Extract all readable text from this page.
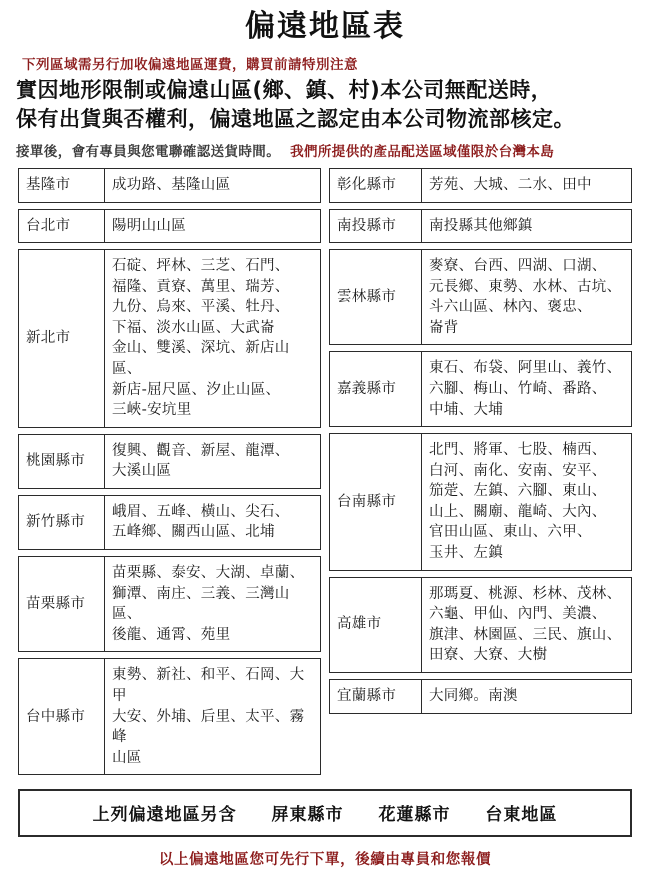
偏遠地區表
下列區域需另行加收偏遠地區運費，購買前請特別注意
實因地形限制或偏遠山區(鄉、鎮、村)本公司無配送時，
保有出貨與否權利，偏遠地區之認定由本公司物流部核定。
接單後，會有專員與您電聯確認送貨時間。 我們所提供的產品配送區域僅限於台灣本島
基隆市	成功路、基隆山區

台北市	陽明山山區

新北市	石碇、坪林、三芝、石門、
福隆、貢寮、萬里、瑞芳、
九份、烏來、平溪、牡丹、
下福、淡水山區、大武崙
金山、雙溪、深坑、新店山區、
新店-屈尺區、汐止山區、
三峽-安坑里

桃園縣市	復興、觀音、新屋、龍潭、
大溪山區

新竹縣市	峨眉、五峰、橫山、尖石、
五峰鄉、關西山區、北埔

苗栗縣市	苗栗縣、泰安、大湖、卓蘭、
獅潭、南庄、三義、三灣山區、
後龍、通霄、苑里

台中縣市	東勢、新社、和平、石岡、大甲
大安、外埔、后里、太平、霧峰
山區
彰化縣市	芳苑、大城、二水、田中

南投縣市	南投縣其他鄉鎮

雲林縣市	麥寮、台西、四湖、口湖、
元長鄉、東勢、水林、古坑、
斗六山區、林內、褒忠、
崙背

嘉義縣市	東石、布袋、阿里山、義竹、
六腳、梅山、竹崎、番路、
中埔、大埔

台南縣市	北門、將軍、七股、楠西、
白河、南化、安南、安平、
笳萣、左鎮、六腳、東山、
山上、關廟、龍崎、大內、
官田山區、東山、六甲、
玉井、左鎮

高雄市	那瑪夏、桃源、杉林、茂林、
六龜、甲仙、內門、美濃、
旗津、林園區、三民、旗山、
田寮、大寮、大樹

宜蘭縣市	大同鄉。南澳
上列偏遠地區另含 屏東縣市 花蓮縣市 台東地區
以上偏遠地區您可先行下單，後續由專員和您報價
